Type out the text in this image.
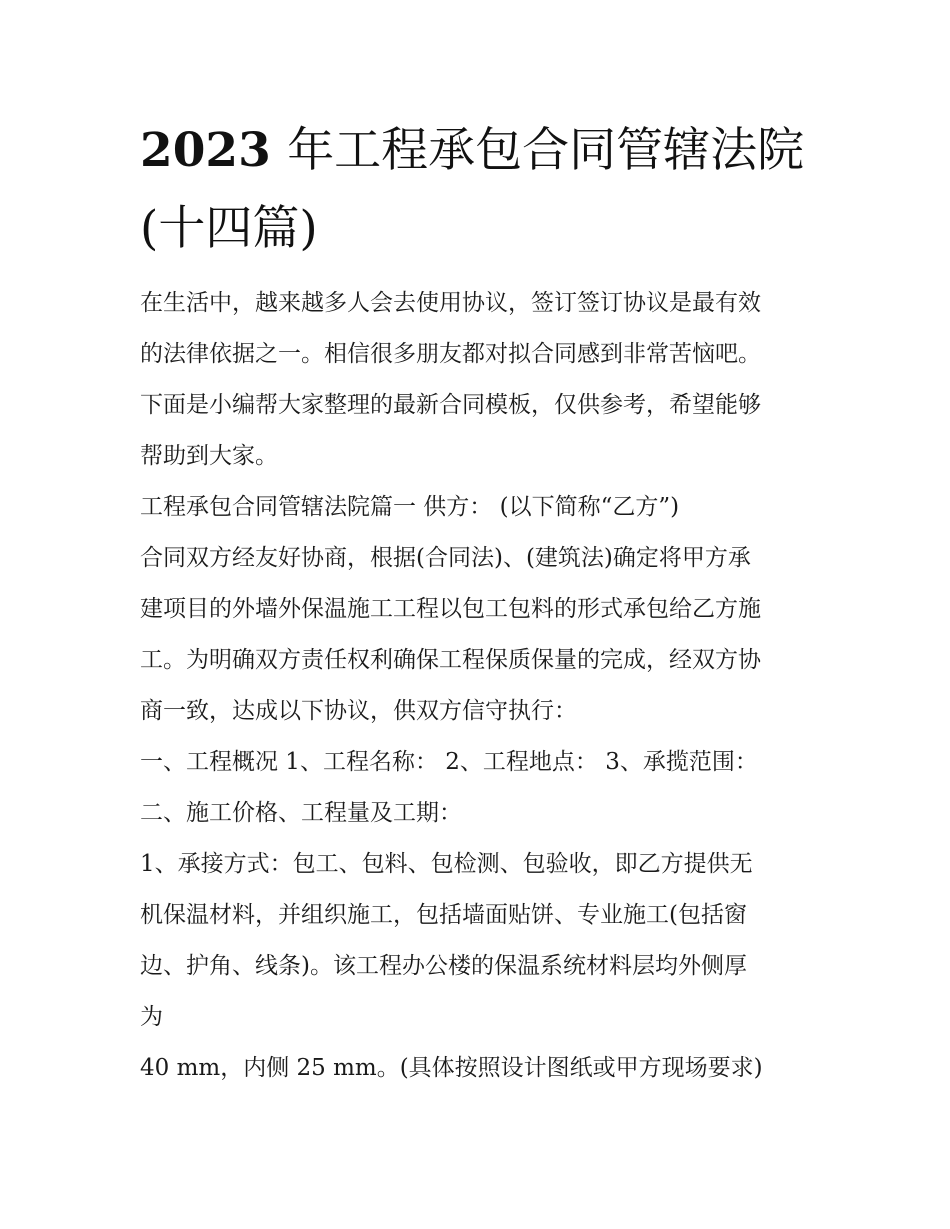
2023 年工程承包合同管辖法院
(十四篇)

在生活中，越来越多人会去使用协议，签订签订协议是最有效
的法律依据之一。相信很多朋友都对拟合同感到非常苦恼吧。
下面是小编帮大家整理的最新合同模板，仅供参考，希望能够
帮助到大家。

工程承包合同管辖法院篇一 供方： (以下简称“乙方”)

合同双方经友好协商，根据(合同法)、(建筑法)确定将甲方承
建项目的外墙外保温施工工程以包工包料的形式承包给乙方施
工。为明确双方责任权利确保工程保质保量的完成，经双方协
商一致，达成以下协议，供双方信守执行：

一、工程概况 1、工程名称： 2、工程地点： 3、承揽范围：

二、施工价格、工程量及工期：

1、承接方式：包工、包料、包检测、包验收，即乙方提供无
机保温材料，并组织施工，包括墙面贴饼、专业施工(包括窗
边、护角、线条)。该工程办公楼的保温系统材料层均外侧厚
为

40 mm，内侧 25 mm。(具体按照设计图纸或甲方现场要求)
